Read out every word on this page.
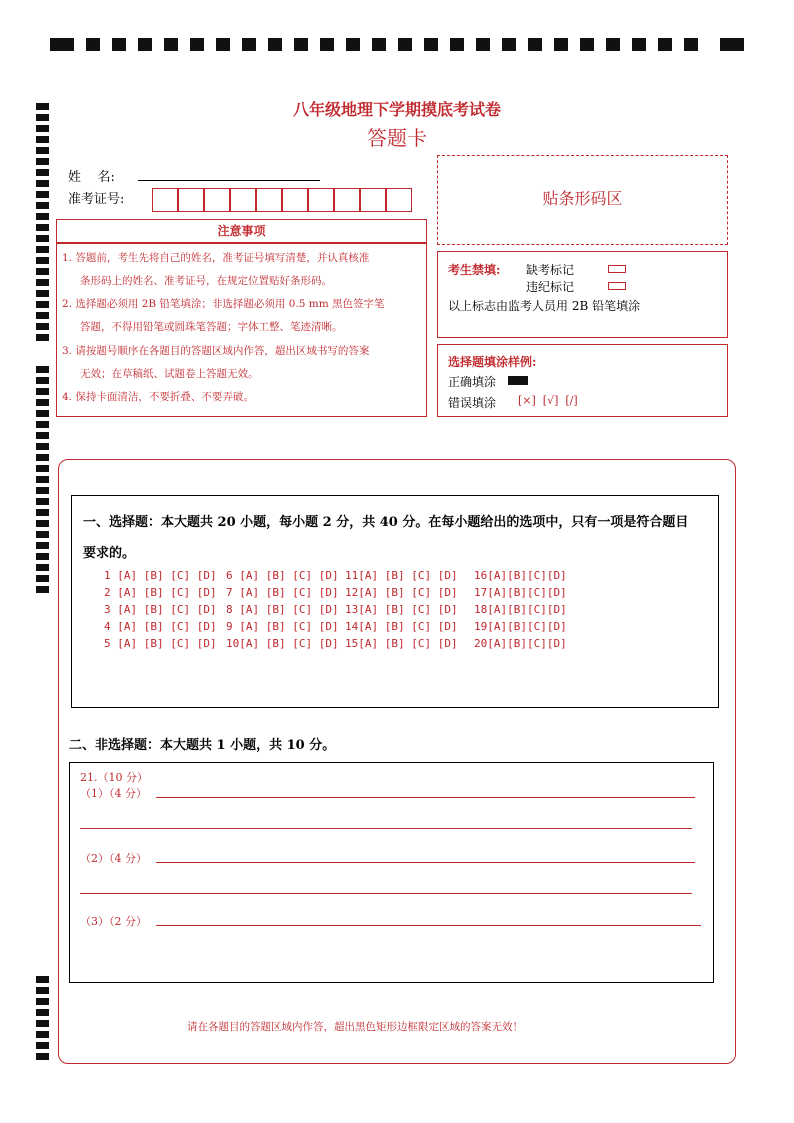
八年级地理下学期摸底考试卷
答题卡
姓    名:
准考证号:	贴条形码区
注意事项
1. 答题前，考生先将自己的姓名，准考证号填写清楚，并认真核准
条形码上的姓名、准考证号，在规定位置贴好条形码。
2. 选择题必须用 2B 铅笔填涂；非选择题必须用 0.5 mm 黑色签字笔
答题，不得用铅笔或圆珠笔答题；字体工整、笔迹清晰。
3. 请按题号顺序在各题目的答题区域内作答，超出区域书写的答案
无效；在草稿纸、试题卷上答题无效。
4. 保持卡面清洁，不要折叠、不要弄破。
考生禁填: 缺考标记
违纪标记
以上标志由监考人员用 2B 铅笔填涂
选择题填涂样例:
正确填涂
错误填涂 [×]  [√]  [/]
一、选择题：本大题共 20 小题，每小题 2 分，共 40 分。在每小题给出的选项中，只有一项是符合题目
要求的。
1 [A] [B] [C] [D]
2 [A] [B] [C] [D]
3 [A] [B] [C] [D]
4 [A] [B] [C] [D]
5 [A] [B] [C] [D]
6 [A] [B] [C] [D]
7 [A] [B] [C] [D]
8 [A] [B] [C] [D]
9 [A] [B] [C] [D]
10[A] [B] [C] [D]
11[A] [B] [C] [D]
12[A] [B] [C] [D]
13[A] [B] [C] [D]
14[A] [B] [C] [D]
15[A] [B] [C] [D]
16[A][B][C][D]
17[A][B][C][D]
18[A][B][C][D]
19[A][B][C][D]
20[A][B][C][D]
二、非选择题：本大题共 1 小题，共 10 分。
21.（10 分）
（1）（4 分）
（2）（4 分）
（3）（2 分）
请在各题目的答题区域内作答，超出黑色矩形边框限定区域的答案无效！
